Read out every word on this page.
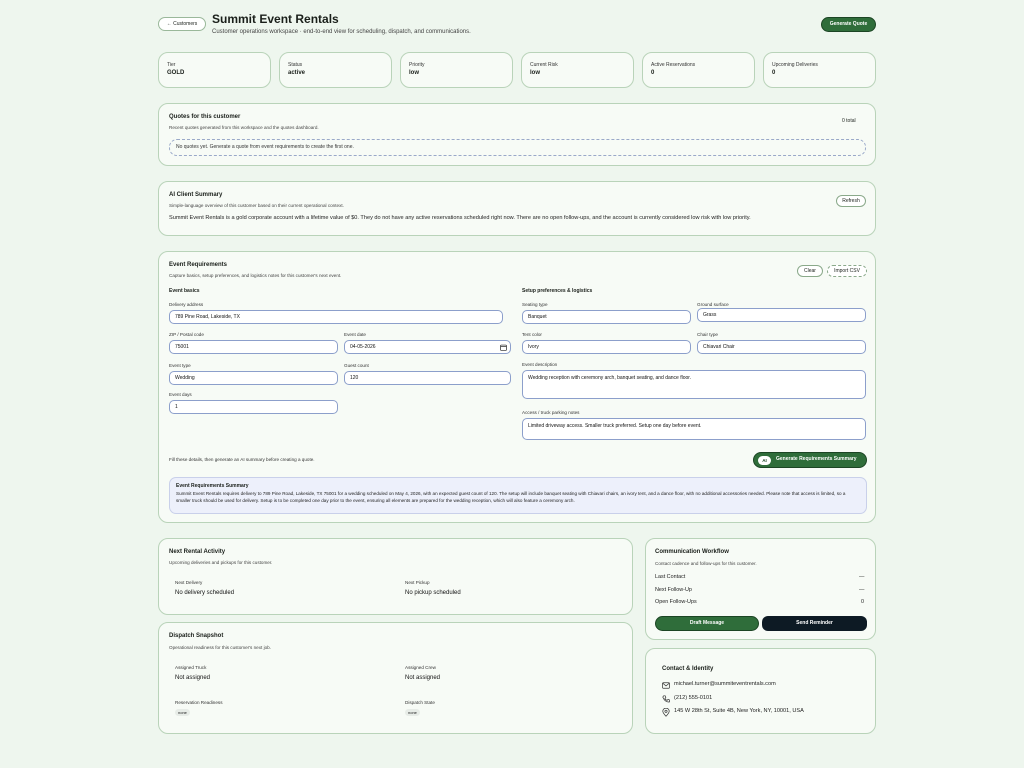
← Customers	Summit Event Rentals
Customer operations workspace · end-to-end view for scheduling, dispatch, and communications.
Generate Quote
Tier
GOLD
Status
active
Priority
low
Current Risk
low
Active Reservations
0
Upcoming Deliveries
0
Quotes for this customer
Recent quotes generated from this workspace and the quotes dashboard.
0 total
No quotes yet. Generate a quote from event requirements to create the first one.
AI Client Summary
Simple-language overview of this customer based on their current operational context.
Refresh
Summit Event Rentals is a gold corporate account with a lifetime value of $0. They do not have any active reservations scheduled right now. There are no open follow-ups, and the account is currently considered low risk with low priority.
Event Requirements
Capture basics, setup preferences, and logistics notes for this customer's next event.
Clear	Import CSV
Event basics	Setup preferences & logistics
Delivery address
789 Pine Road, Lakeside, TX
ZIP / Postal code
75001
Event date
04-05-2026
Event type
Wedding
Guest count
120
Event days
1
Seating type
Banquet
Ground surface
Grass
Tent color
Ivory
Chair type
Chiavari Chair
Event description
Wedding reception with ceremony arch, banquet seating, and dance floor.
Access / truck parking notes
Limited driveway access. Smaller truck preferred. Setup one day before event.
Fill these details, then generate an AI summary before creating a quote.	AI	Generate Requirements Summary
Event Requirements Summary
Summit Event Rentals requires delivery to 789 Pine Road, Lakeside, TX 75001 for a wedding scheduled on May 4, 2026, with an expected guest count of 120. The setup will include banquet seating with Chiavari chairs, an ivory tent, and a dance floor, with no additional accessories needed. Please note that access is limited, so a smaller truck should be used for delivery. Setup is to be completed one day prior to the event, ensuring all elements are prepared for the wedding reception, which will also feature a ceremony arch.
Next Rental Activity
Upcoming deliveries and pickups for this customer.
Next Delivery
No delivery scheduled
Next Pickup
No pickup scheduled
Dispatch Snapshot
Operational readiness for this customer's next job.
Assigned Truck
Not assigned
Assigned Crew
Not assigned
Reservation Readiness
none
Dispatch State
none
Communication Workflow
Contact cadence and follow-ups for this customer.
Last Contact	—
Next Follow-Up	—
Open Follow-Ups	0
Draft Message	Send Reminder
Contact & Identity
michael.turner@summiteventrentals.com
(212) 555-0101
145 W 28th St, Suite 4B, New York, NY, 10001, USA
